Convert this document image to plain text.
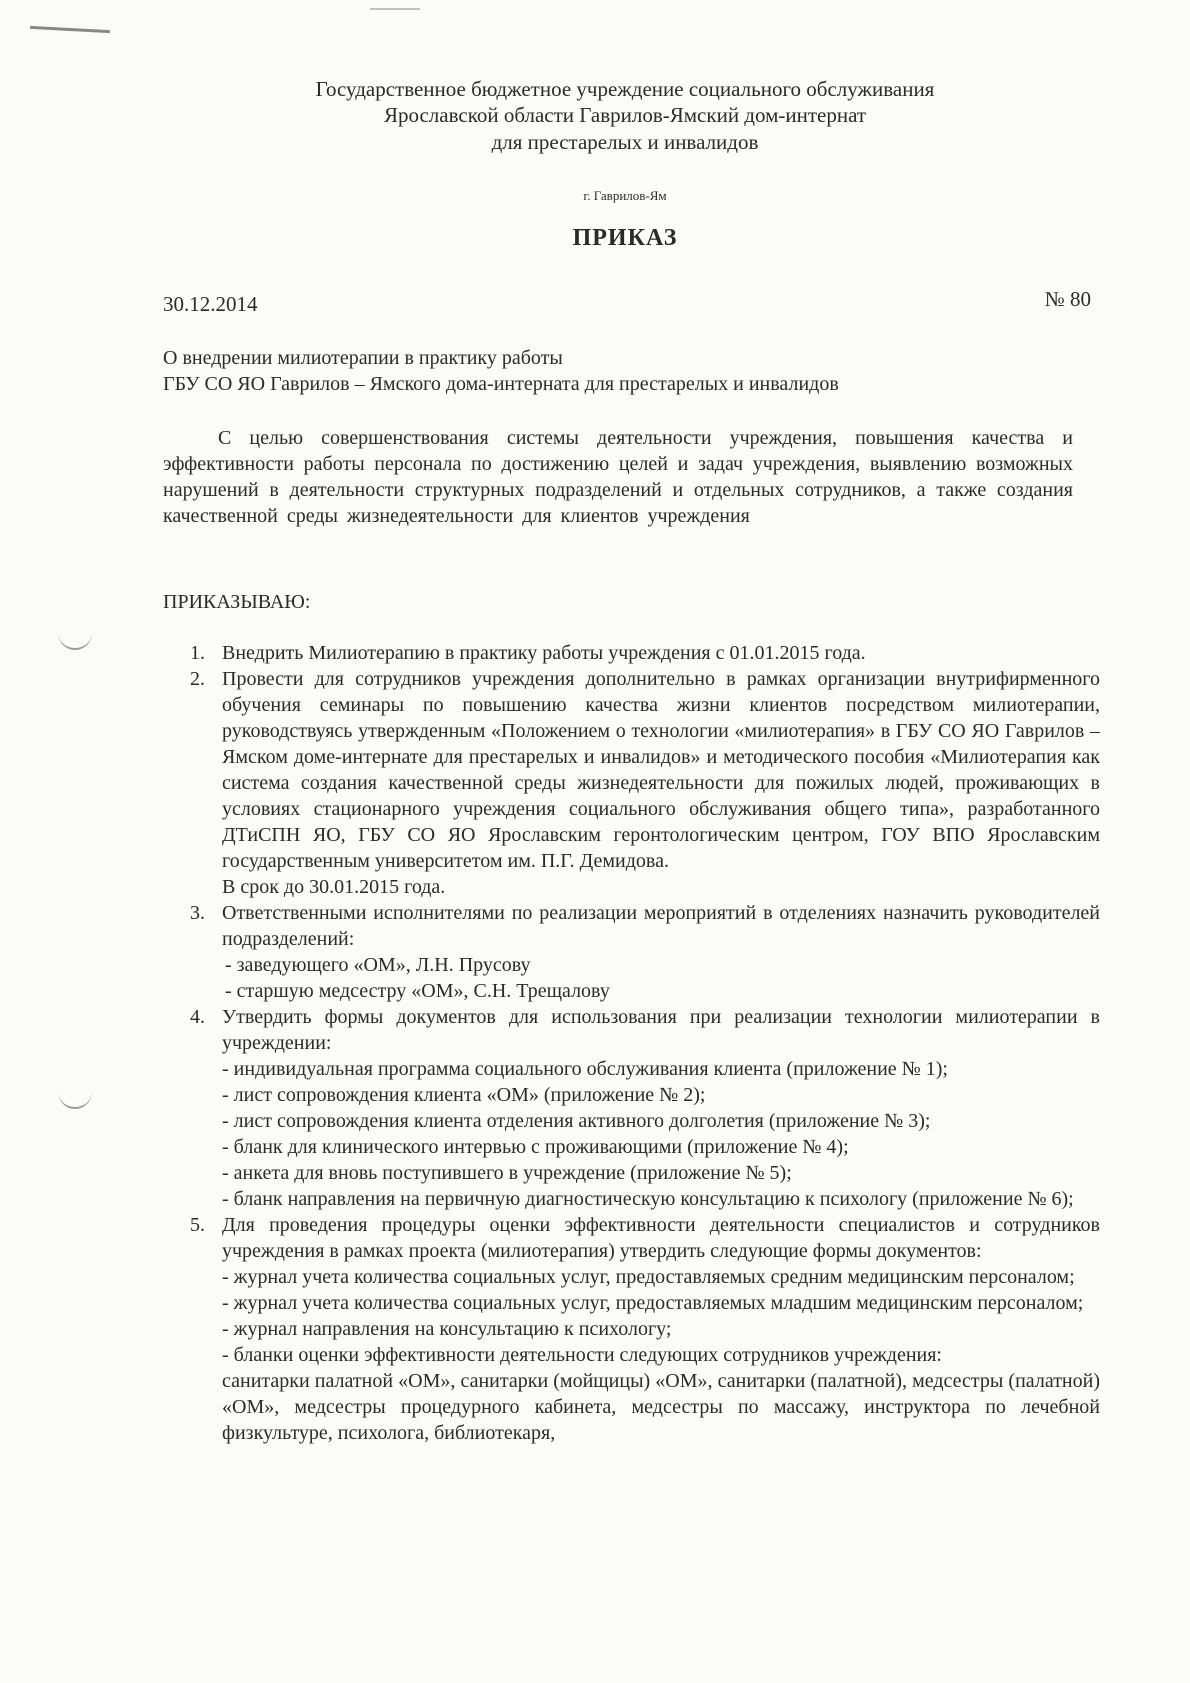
Государственное бюджетное учреждение социального обслуживания
Ярославской области Гаврилов-Ямский дом-интернат
для престарелых и инвалидов
г. Гаврилов-Ям
ПРИКАЗ
30.12.2014	№ 80
О внедрении милиотерапии в практику работы
ГБУ СО ЯО Гаврилов – Ямского дома-интерната для престарелых и инвалидов
С целью совершенствования системы деятельности учреждения, повышения качества и эффективности работы персонала по достижению целей и задач учреждения, выявлению возможных нарушений в деятельности структурных подразделений и отдельных сотрудников, а также создания качественной среды жизнедеятельности для клиентов учреждения
ПРИКАЗЫВАЮ:
1. Внедрить Милиотерапию в практику работы учреждения с 01.01.2015 года.
2. Провести для сотрудников учреждения дополнительно в рамках организации внутрифирменного обучения семинары по повышению качества жизни клиентов посредством милиотерапии, руководствуясь утвержденным «Положением о технологии «милиотерапия» в ГБУ СО ЯО Гаврилов – Ямском доме-интернате для престарелых и инвалидов» и методического пособия «Милиотерапия как система создания качественной среды жизнедеятельности для пожилых людей, проживающих в условиях стационарного учреждения социального обслуживания общего типа», разработанного ДТиСПН ЯО, ГБУ СО ЯО Ярославским геронтологическим центром, ГОУ ВПО Ярославским государственным университетом им. П.Г. Демидова.
В срок до 30.01.2015 года.
3. Ответственными исполнителями по реализации мероприятий в отделениях назначить руководителей подразделений:
- заведующего «ОМ», Л.Н. Прусову
- старшую медсестру «ОМ», С.Н. Трещалову
4. Утвердить формы документов для использования при реализации технологии милиотерапии в учреждении:
- индивидуальная программа социального обслуживания клиента (приложение № 1);
- лист сопровождения клиента «ОМ» (приложение № 2);
- лист сопровождения клиента отделения активного долголетия (приложение № 3);
- бланк для клинического интервью с проживающими (приложение № 4);
- анкета для вновь поступившего в учреждение (приложение № 5);
- бланк направления на первичную диагностическую консультацию к психологу (приложение № 6);
5. Для проведения процедуры оценки эффективности деятельности специалистов и сотрудников учреждения в рамках проекта (милиотерапия) утвердить следующие формы документов:
- журнал учета количества социальных услуг, предоставляемых средним медицинским персоналом;
- журнал учета количества социальных услуг, предоставляемых младшим медицинским персоналом;
- журнал направления на консультацию к психологу;
- бланки оценки эффективности деятельности следующих сотрудников учреждения:
санитарки палатной «ОМ», санитарки (мойщицы) «ОМ», санитарки (палатной), медсестры (палатной) «ОМ», медсестры процедурного кабинета, медсестры по массажу, инструктора по лечебной физкультуре, психолога, библиотекаря,
